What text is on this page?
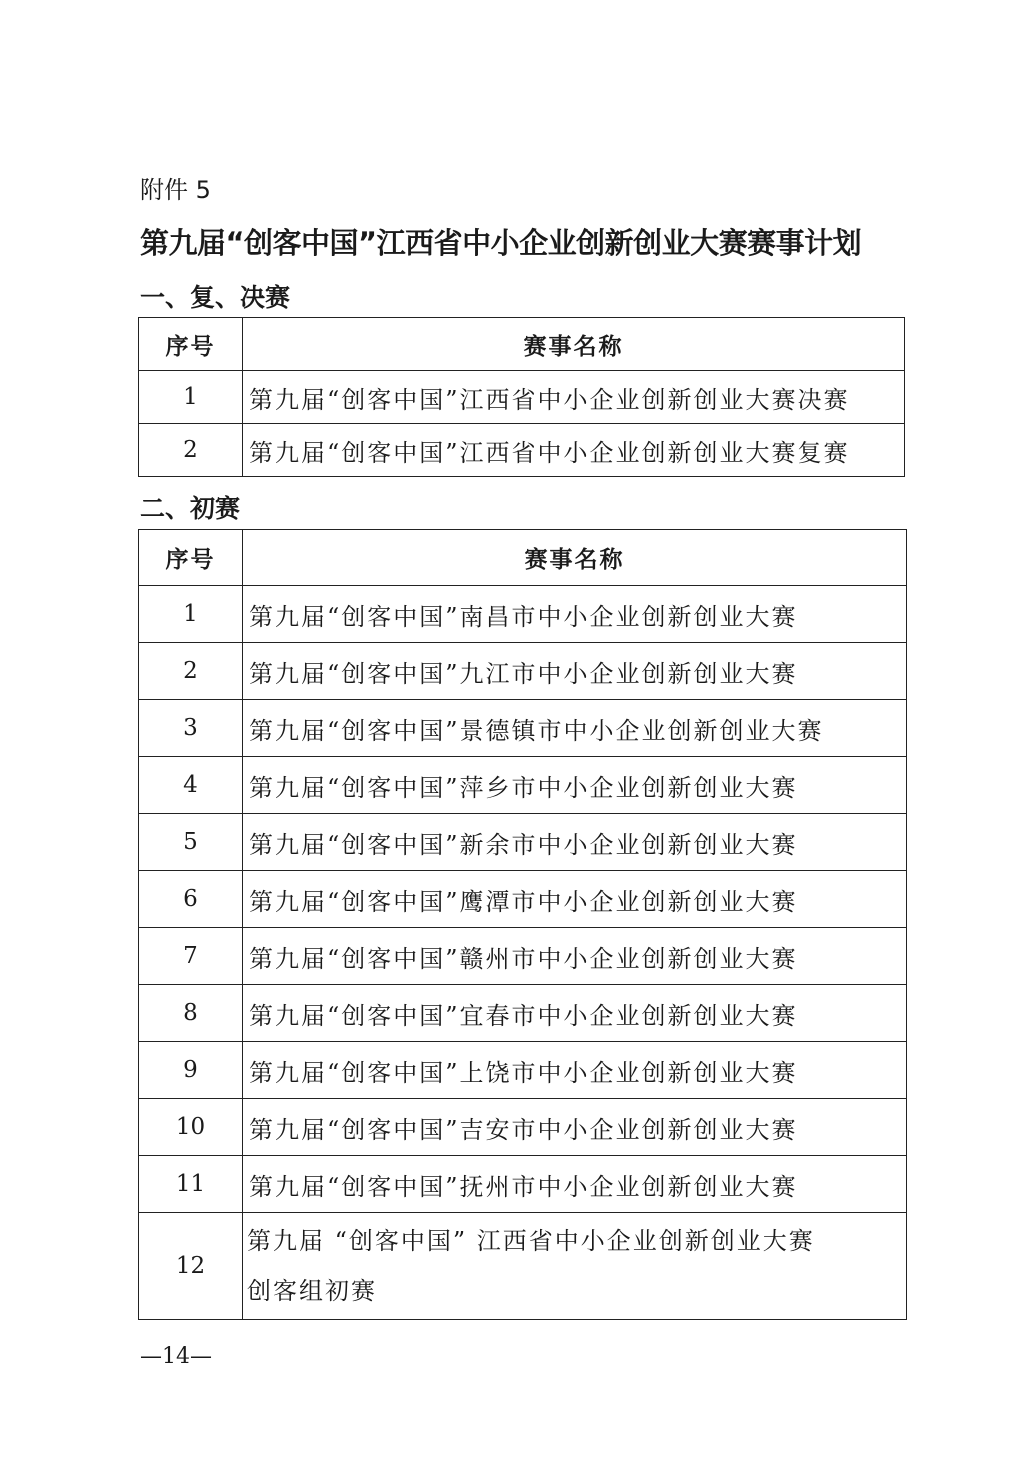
附件 5
第九届“创客中国”江西省中小企业创新创业大赛赛事计划
一、复、决赛
序号	赛事名称
1	第九届“创客中国”江西省中小企业创新创业大赛决赛
2	第九届“创客中国”江西省中小企业创新创业大赛复赛
二、初赛
序号	赛事名称
1	第九届“创客中国”南昌市中小企业创新创业大赛
2	第九届“创客中国”九江市中小企业创新创业大赛
3	第九届“创客中国”景德镇市中小企业创新创业大赛
4	第九届“创客中国”萍乡市中小企业创新创业大赛
5	第九届“创客中国”新余市中小企业创新创业大赛
6	第九届“创客中国”鹰潭市中小企业创新创业大赛
7	第九届“创客中国”赣州市中小企业创新创业大赛
8	第九届“创客中国”宜春市中小企业创新创业大赛
9	第九届“创客中国”上饶市中小企业创新创业大赛
10	第九届“创客中国”吉安市中小企业创新创业大赛
11	第九届“创客中国”抚州市中小企业创新创业大赛
12	第九届 “创客中国” 江西省中小企业创新创业大赛
创客组初赛
—14—
